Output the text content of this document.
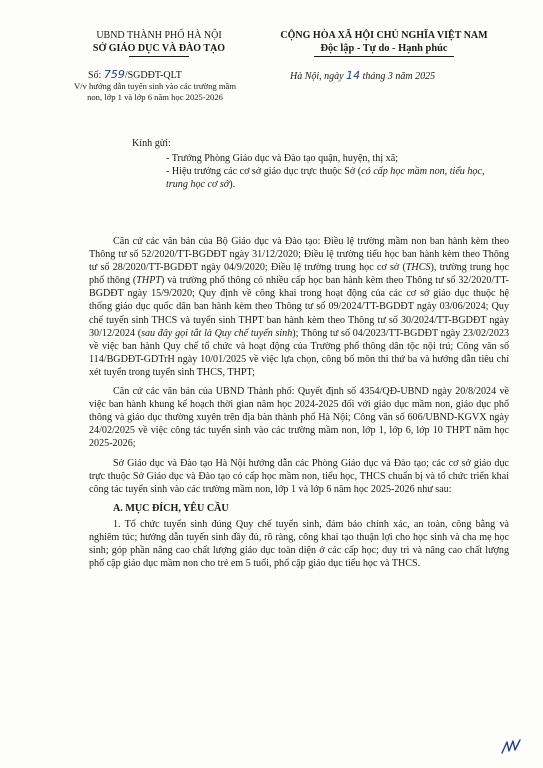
UBND THÀNH PHỐ HÀ NỘI
SỞ GIÁO DỤC VÀ ĐÀO TẠO
CỘNG HÒA XÃ HỘI CHỦ NGHĨA VIỆT NAM
Độc lập - Tự do - Hạnh phúc
Số: 759/SGDĐT-QLT	Hà Nội, ngày 14 tháng 3 năm 2025
V/v hướng dẫn tuyển sinh vào các trường mầm non, lớp 1 và lớp 6 năm học 2025-2026
Kính gửi:
- Trưởng Phòng Giáo dục và Đào tạo quận, huyện, thị xã;
- Hiệu trưởng các cơ sở giáo dục trực thuộc Sở (có cấp học mầm non, tiểu học, trung học cơ sở).

Căn cứ các văn bản của Bộ Giáo dục và Đào tạo: Điều lệ trường mầm non ban hành kèm theo Thông tư số 52/2020/TT-BGDĐT ngày 31/12/2020; Điều lệ trường tiểu học ban hành kèm theo Thông tư số 28/2020/TT-BGDĐT ngày 04/9/2020; Điều lệ trường trung học cơ sở (THCS), trường trung học phổ thông (THPT) và trường phổ thông có nhiều cấp học ban hành kèm theo Thông tư số 32/2020/TT-BGDĐT ngày 15/9/2020; Quy định về công khai trong hoạt động của các cơ sở giáo dục thuộc hệ thống giáo dục quốc dân ban hành kèm theo Thông tư số 09/2024/TT-BGDĐT ngày 03/06/2024; Quy chế tuyển sinh THCS và tuyển sinh THPT ban hành kèm theo Thông tư số 30/2024/TT-BGDĐT ngày 30/12/2024 (sau đây gọi tắt là Quy chế tuyển sinh); Thông tư số 04/2023/TT-BGDĐT ngày 23/02/2023 về việc ban hành Quy chế tổ chức và hoạt động của Trường phổ thông dân tộc nội trú; Công văn số 114/BGDĐT-GDTrH ngày 10/01/2025 về việc lựa chọn, công bố môn thi thứ ba và hướng dẫn tiêu chí xét tuyển trong tuyển sinh THCS, THPT;

Căn cứ các văn bản của UBND Thành phố: Quyết định số 4354/QĐ-UBND ngày 20/8/2024 về việc ban hành khung kế hoạch thời gian năm học 2024-2025 đối với giáo dục mầm non, giáo dục phổ thông và giáo dục thường xuyên trên địa bàn thành phố Hà Nội; Công văn số 606/UBND-KGVX ngày 24/02/2025 về việc công tác tuyển sinh vào các trường mầm non, lớp 1, lớp 6, lớp 10 THPT năm học 2025-2026;

Sở Giáo dục và Đào tạo Hà Nội hướng dẫn các Phòng Giáo dục và Đào tạo; các cơ sở giáo dục trực thuộc Sở Giáo dục và Đào tạo có cấp học mầm non, tiểu học, THCS chuẩn bị và tổ chức triển khai công tác tuyển sinh vào các trường mầm non, lớp 1 và lớp 6 năm học 2025-2026 như sau:

A. MỤC ĐÍCH, YÊU CẦU

1. Tổ chức tuyển sinh đúng Quy chế tuyển sinh, đảm bảo chính xác, an toàn, công bằng và nghiêm túc; hướng dẫn tuyển sinh đầy đủ, rõ ràng, công khai tạo thuận lợi cho học sinh và cha mẹ học sinh; góp phần nâng cao chất lượng giáo dục toàn diện ở các cấp học; duy trì và nâng cao chất lượng phổ cập giáo dục mầm non cho trẻ em 5 tuổi, phổ cập giáo dục tiểu học và THCS.
